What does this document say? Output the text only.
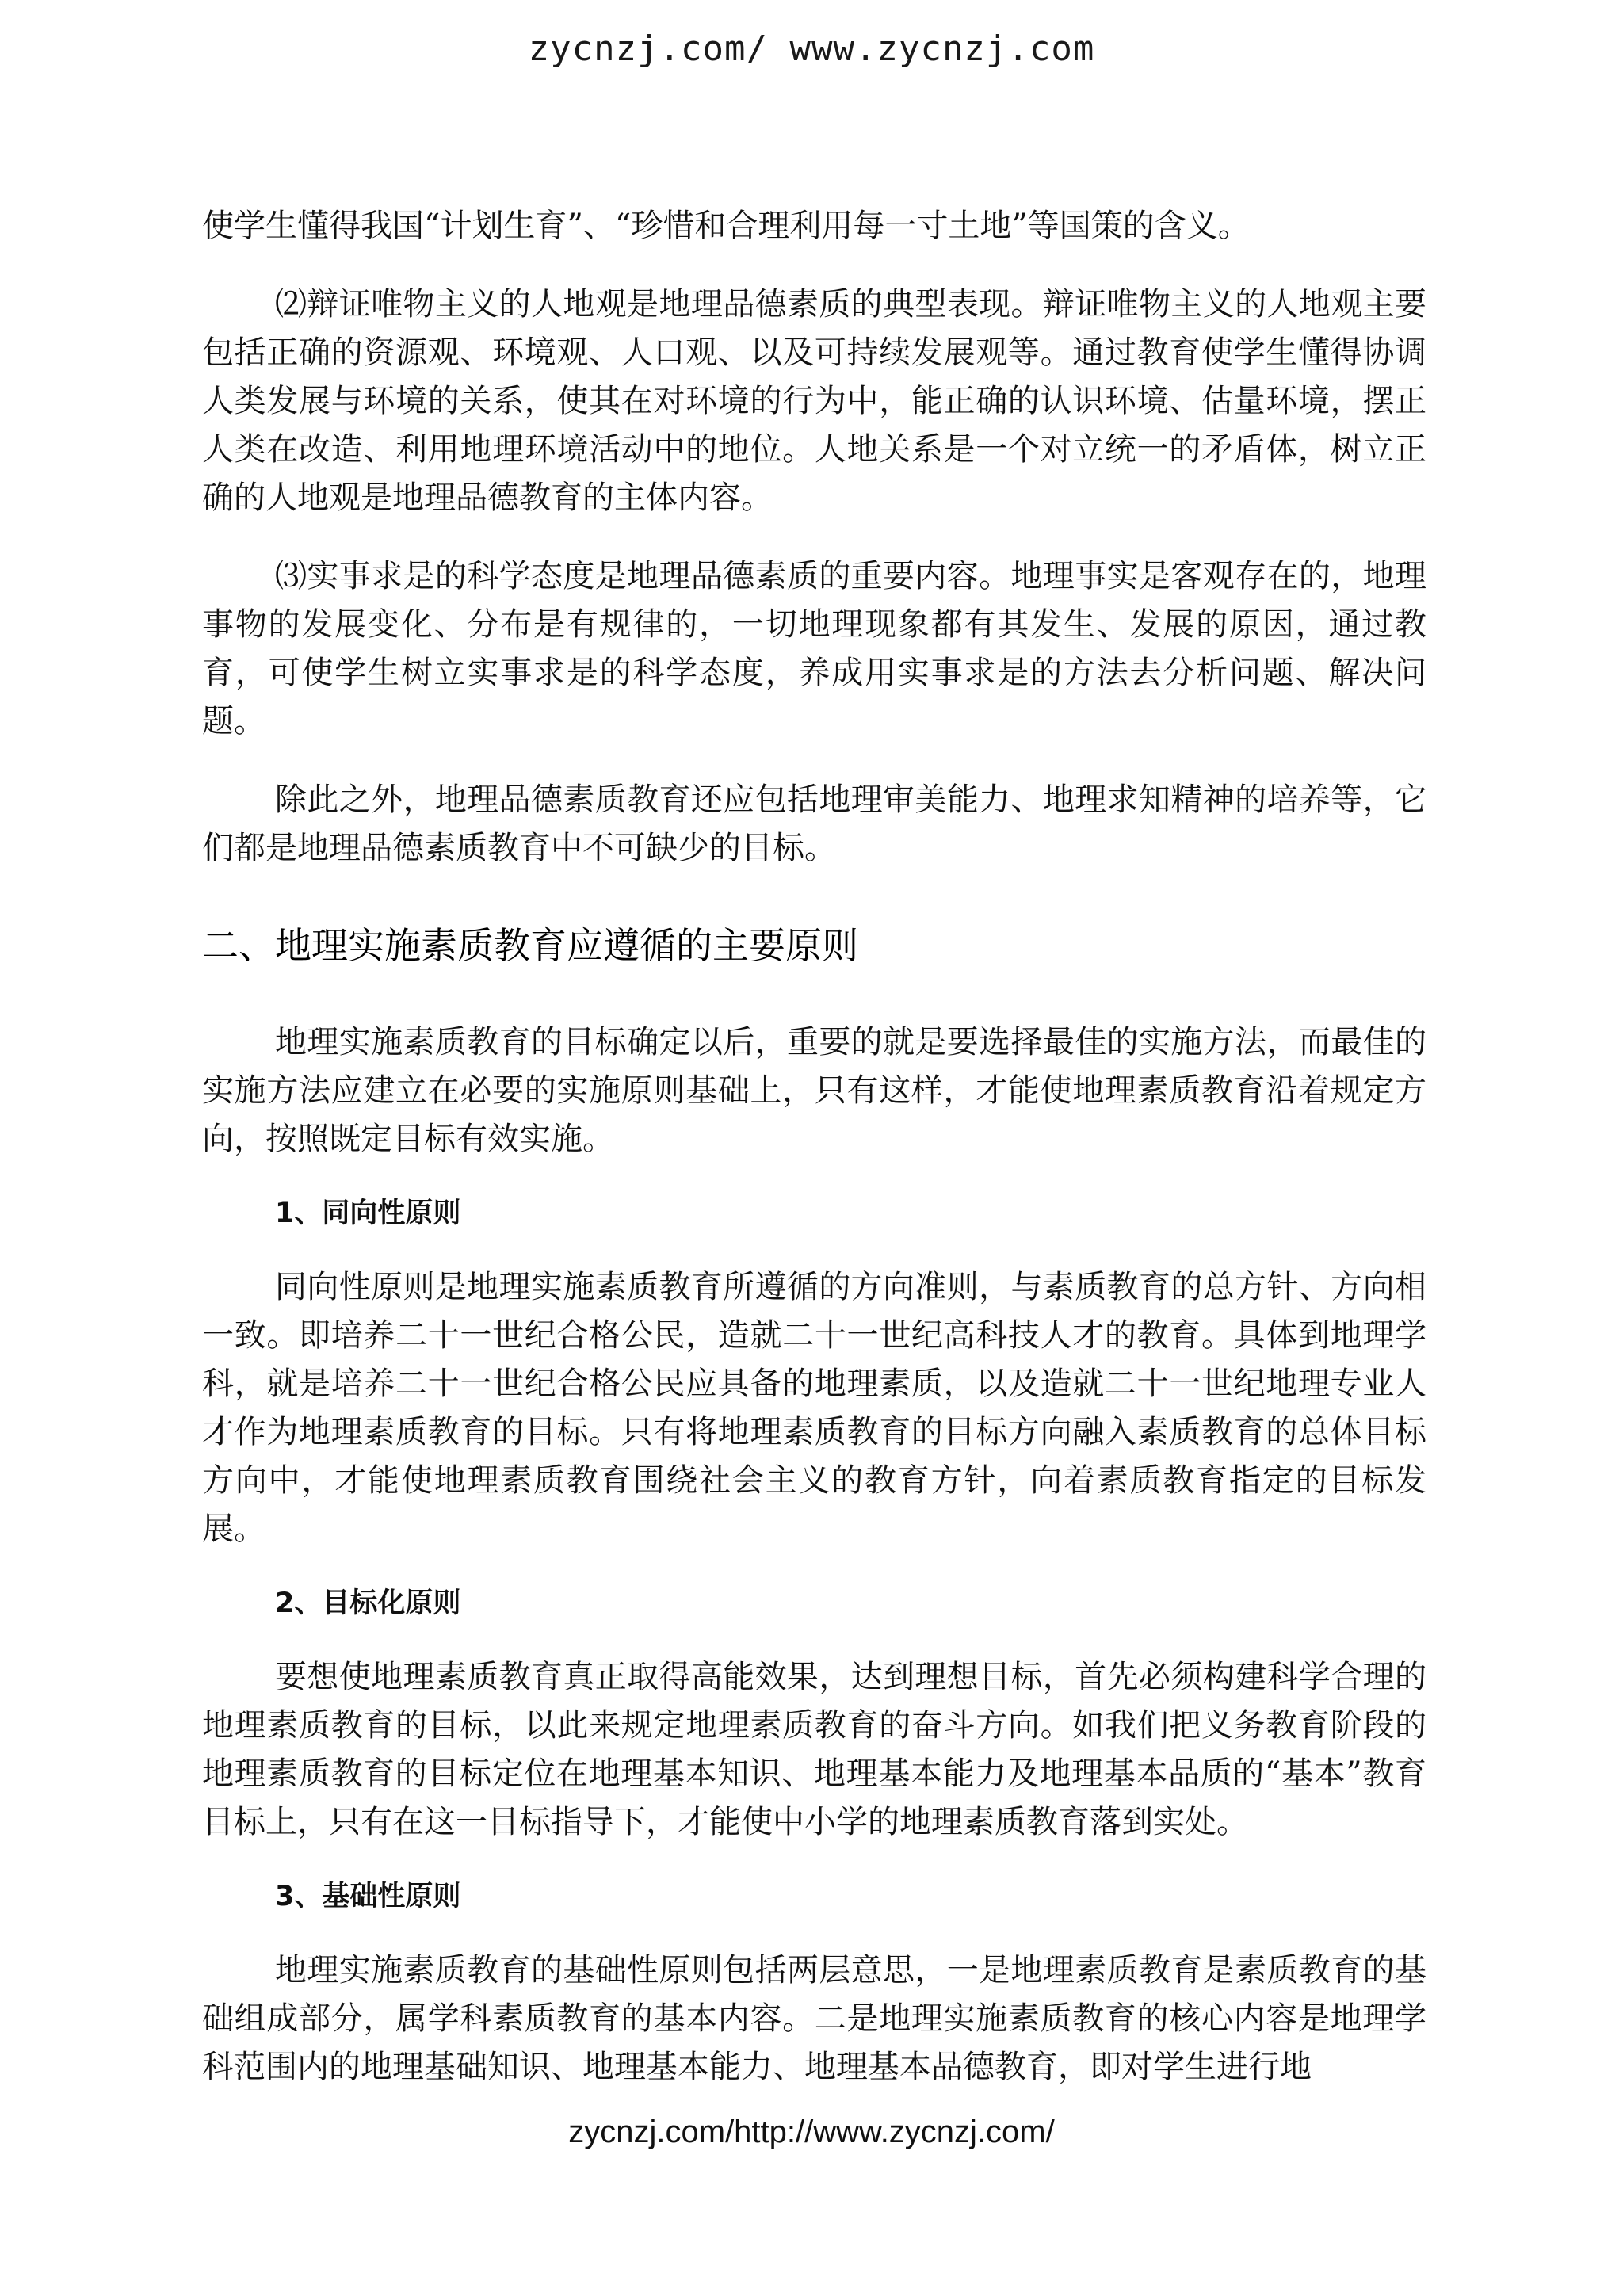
zycnzj.com/ www.zycnzj.com

使学生懂得我国“计划生育”、“珍惜和合理利用每一寸土地”等国策的含义。

⑵辩证唯物主义的人地观是地理品德素质的典型表现。辩证唯物主义的人地观主要包括正确的资源观、环境观、人口观、以及可持续发展观等。通过教育使学生懂得协调人类发展与环境的关系，使其在对环境的行为中，能正确的认识环境、估量环境，摆正人类在改造、利用地理环境活动中的地位。人地关系是一个对立统一的矛盾体，树立正确的人地观是地理品德教育的主体内容。

⑶实事求是的科学态度是地理品德素质的重要内容。地理事实是客观存在的，地理事物的发展变化、分布是有规律的，一切地理现象都有其发生、发展的原因，通过教育，可使学生树立实事求是的科学态度，养成用实事求是的方法去分析问题、解决问题。

除此之外，地理品德素质教育还应包括地理审美能力、地理求知精神的培养等，它们都是地理品德素质教育中不可缺少的目标。

二、地理实施素质教育应遵循的主要原则

地理实施素质教育的目标确定以后，重要的就是要选择最佳的实施方法，而最佳的实施方法应建立在必要的实施原则基础上，只有这样，才能使地理素质教育沿着规定方向，按照既定目标有效实施。

1、同向性原则

同向性原则是地理实施素质教育所遵循的方向准则，与素质教育的总方针、方向相一致。即培养二十一世纪合格公民，造就二十一世纪高科技人才的教育。具体到地理学科，就是培养二十一世纪合格公民应具备的地理素质，以及造就二十一世纪地理专业人才作为地理素质教育的目标。只有将地理素质教育的目标方向融入素质教育的总体目标方向中，才能使地理素质教育围绕社会主义的教育方针，向着素质教育指定的目标发展。

2、目标化原则

要想使地理素质教育真正取得高能效果，达到理想目标，首先必须构建科学合理的地理素质教育的目标，以此来规定地理素质教育的奋斗方向。如我们把义务教育阶段的地理素质教育的目标定位在地理基本知识、地理基本能力及地理基本品质的“基本”教育目标上，只有在这一目标指导下，才能使中小学的地理素质教育落到实处。

3、基础性原则

地理实施素质教育的基础性原则包括两层意思，一是地理素质教育是素质教育的基础组成部分，属学科素质教育的基本内容。二是地理实施素质教育的核心内容是地理学科范围内的地理基础知识、地理基本能力、地理基本品德教育，即对学生进行地

zycnzj.com/http://www.zycnzj.com/
